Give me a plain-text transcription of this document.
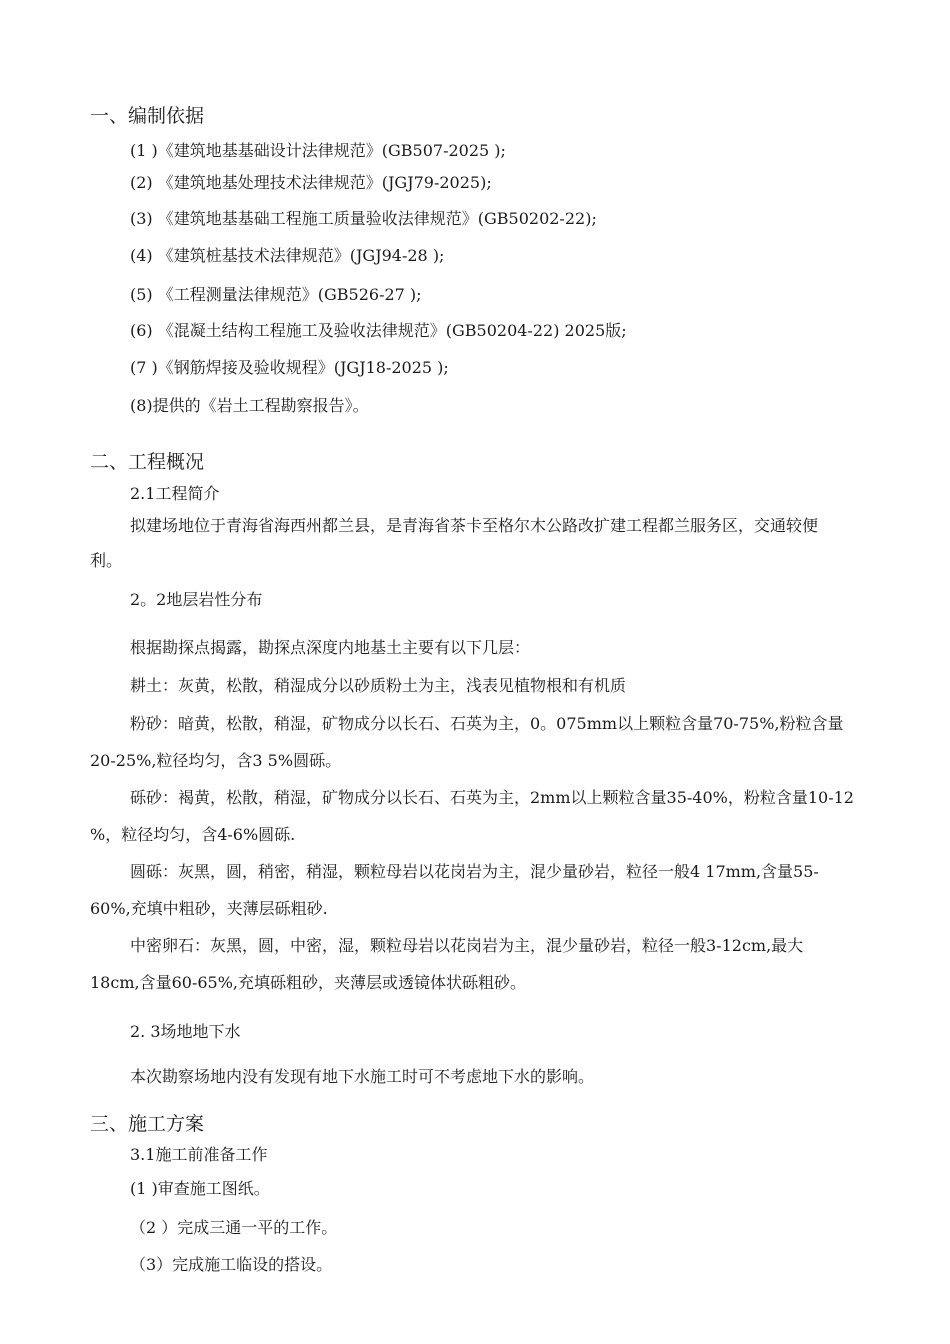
一、编制依据
(1 )《建筑地基基础设计法律规范》(GB507-2025 );
(2) 《建筑地基处理技术法律规范》(JGJ79-2025);
(3) 《建筑地基基础工程施工质量验收法律规范》(GB50202-22);
(4) 《建筑桩基技术法律规范》(JGJ94-28 );
(5) 《工程测量法律规范》(GB526-27 );
(6) 《混凝土结构工程施工及验收法律规范》(GB50204-22) 2025版;
(7 )《钢筋焊接及验收规程》(JGJ18-2025 );
(8)提供的《岩土工程勘察报告》。
二、工程概况
2.1工程简介
拟建场地位于青海省海西州都兰县，是青海省茶卡至格尔木公路改扩建工程都兰服务区，交通较便
利。
2。2地层岩性分布
根据勘探点揭露，勘探点深度内地基土主要有以下几层：
耕土：灰黄，松散，稍湿成分以砂质粉土为主，浅表见植物根和有机质
粉砂：暗黄，松散，稍湿，矿物成分以长石、石英为主，0。075mm以上颗粒含量70-75%,粉粒含量
20-25%,粒径均匀，含3 5%圆砾。
砾砂：褐黄，松散，稍湿，矿物成分以长石、石英为主，2mm以上颗粒含量35-40%，粉粒含量10-12
%，粒径均匀，含4-6%圆砾.
圆砾：灰黑，圆，稍密，稍湿，颗粒母岩以花岗岩为主，混少量砂岩，粒径一般4 17mm,含量55-
60%,充填中粗砂，夹薄层砾粗砂.
中密卵石：灰黑，圆，中密，湿，颗粒母岩以花岗岩为主，混少量砂岩，粒径一般3-12cm,最大
18cm,含量60-65%,充填砾粗砂，夹薄层或透镜体状砾粗砂。
2. 3场地地下水
本次勘察场地内没有发现有地下水施工时可不考虑地下水的影响。
三、施工方案
3.1施工前准备工作
(1 )审查施工图纸。
（2 ）完成三通一平的工作。
（3）完成施工临设的搭设。
